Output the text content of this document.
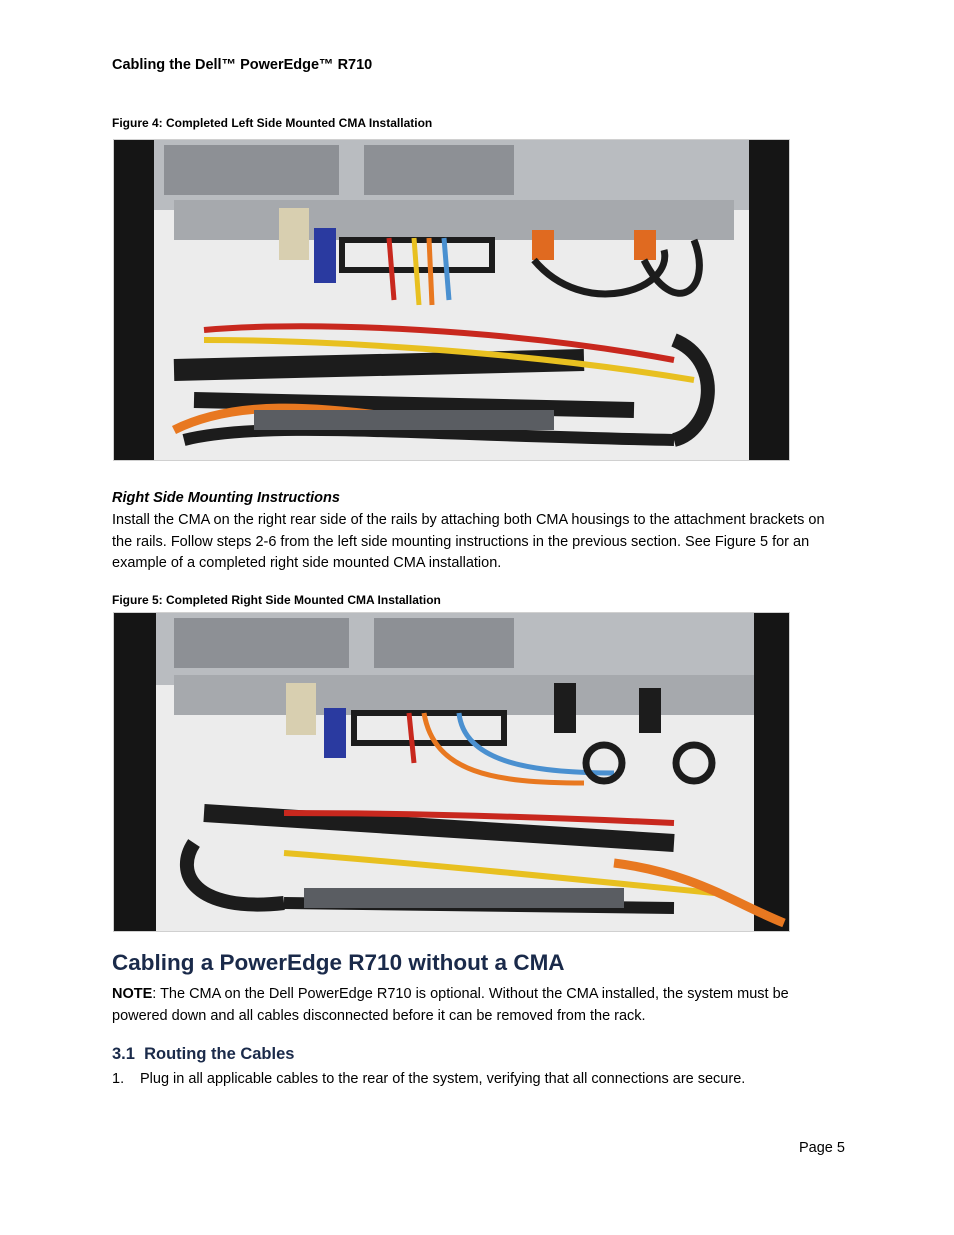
Cabling the Dell™ PowerEdge™ R710
Figure 4: Completed Left Side Mounted CMA Installation
Right Side Mounting Instructions
Install the CMA on the right rear side of the rails by attaching both CMA housings to the attachment brackets on the rails. Follow steps 2-6 from the left side mounting instructions in the previous section. See Figure 5 for an example of a completed right side mounted CMA installation.
Figure 5: Completed Right Side Mounted CMA Installation
Cabling a PowerEdge R710 without a CMA
NOTE: The CMA on the Dell PowerEdge R710 is optional. Without the CMA installed, the system must be powered down and all cables disconnected before it can be removed from the rack.
3.1 Routing the Cables
1. Plug in all applicable cables to the rear of the system, verifying that all connections are secure.
Page 5
